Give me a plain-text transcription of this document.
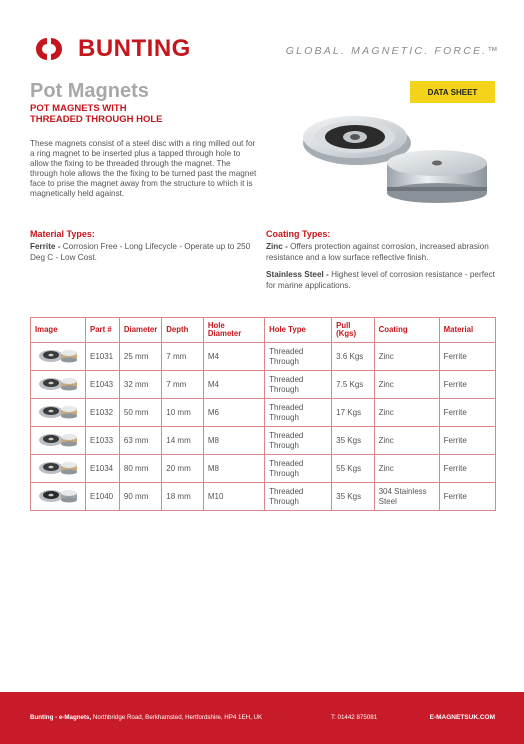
BUNTING	GLOBAL. MAGNETIC. FORCE.™
Pot Magnets
POT MAGNETS WITH
THREADED THROUGH HOLE
These magnets consist of a steel disc with a ring milled out for a ring magnet to be inserted plus a tapped through hole to allow the fixing to be threaded through the magnet. The through hole allows the the fixing to be turned past the magnet face to prise the magnet away from the structure to which it is magnetically held against.
DATA SHEET
Material Types:
Ferrite - Corrosion Free - Long Lifecycle - Operate up to 250 Deg C - Low Cost.
Coating Types:
Zinc - Offers protection against corrosion, increased abrasion resistance and a low surface reflective finish.
Stainless Steel - Highest level of corrosion resistance - perfect for marine applications.
Image	Part #	Diameter	Depth	Hole Diameter	Hole Type	Pull (Kgs)	Coating	Material
	E1031	25 mm	7 mm	M4	Threaded Through	3.6 Kgs	Zinc	Ferrite
	E1043	32 mm	7 mm	M4	Threaded Through	7.5 Kgs	Zinc	Ferrite
	E1032	50 mm	10 mm	M6	Threaded Through	17 Kgs	Zinc	Ferrite
	E1033	63 mm	14 mm	M8	Threaded Through	35 Kgs	Zinc	Ferrite
	E1034	80 mm	20 mm	M8	Threaded Through	55 Kgs	Zinc	Ferrite
	E1040	90 mm	18 mm	M10	Threaded Through	35 Kgs	304 Stainless Steel	Ferrite
Bunting - e-Magnets, Northbridge Road, Berkhamsted, Hertfordshire, HP4 1EH, UK	T: 01442 875081	E-MAGNETSUK.COM
